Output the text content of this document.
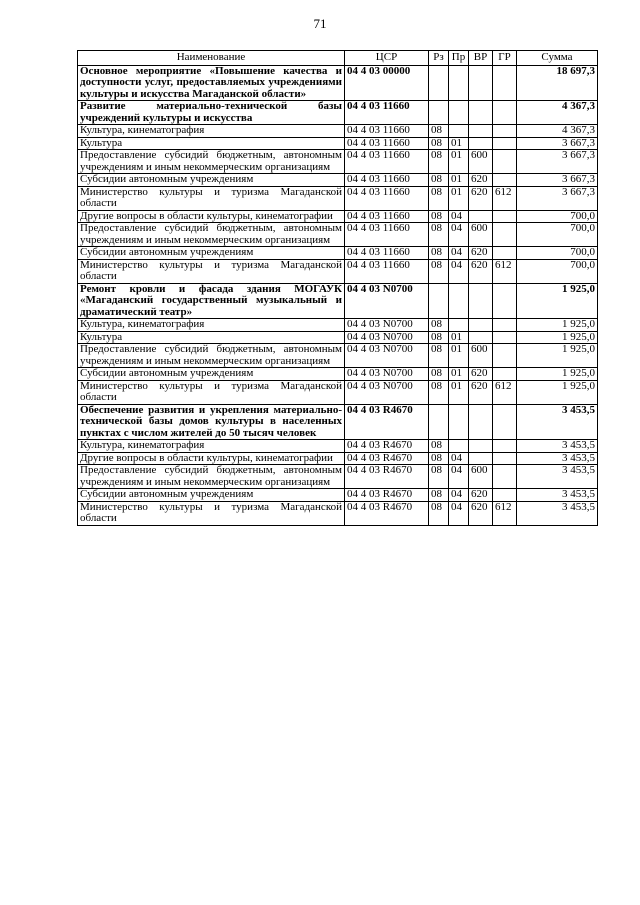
71
Наименование	ЦСР	Рз	Пр	ВР	ГР	Сумма
Основное мероприятие «Повышение качества и доступности услуг, предоставляемых учреждениями культуры и искусства Магаданской области»	04 4 03 00000					18 697,3
Развитие материально-технической базы учреждений культуры и искусства	04 4 03 11660					4 367,3
Культура, кинематография	04 4 03 11660	08				4 367,3
Культура	04 4 03 11660	08	01			3 667,3
Предоставление субсидий бюджетным, автономным учреждениям и иным некоммерческим организациям	04 4 03 11660	08	01	600		3 667,3
Субсидии автономным учреждениям	04 4 03 11660	08	01	620		3 667,3
Министерство культуры и туризма Магаданской области	04 4 03 11660	08	01	620	612	3 667,3
Другие вопросы в области культуры, кинематографии	04 4 03 11660	08	04			700,0
Предоставление субсидий бюджетным, автономным учреждениям и иным некоммерческим организациям	04 4 03 11660	08	04	600		700,0
Субсидии автономным учреждениям	04 4 03 11660	08	04	620		700,0
Министерство культуры и туризма Магаданской области	04 4 03 11660	08	04	620	612	700,0
Ремонт кровли и фасада здания МОГАУК «Магаданский государственный музыкальный и драматический театр»	04 4 03 N0700					1 925,0
Культура, кинематография	04 4 03 N0700	08				1 925,0
Культура	04 4 03 N0700	08	01			1 925,0
Предоставление субсидий бюджетным, автономным учреждениям и иным некоммерческим организациям	04 4 03 N0700	08	01	600		1 925,0
Субсидии автономным учреждениям	04 4 03 N0700	08	01	620		1 925,0
Министерство культуры и туризма Магаданской области	04 4 03 N0700	08	01	620	612	1 925,0
Обеспечение развития и укрепления материально-технической базы домов культуры в населенных пунктах с числом жителей до 50 тысяч человек	04 4 03 R4670					3 453,5
Культура, кинематография	04 4 03 R4670	08				3 453,5
Другие вопросы в области культуры, кинематографии	04 4 03 R4670	08	04			3 453,5
Предоставление субсидий бюджетным, автономным учреждениям и иным некоммерческим организациям	04 4 03 R4670	08	04	600		3 453,5
Субсидии автономным учреждениям	04 4 03 R4670	08	04	620		3 453,5
Министерство культуры и туризма Магаданской области	04 4 03 R4670	08	04	620	612	3 453,5
